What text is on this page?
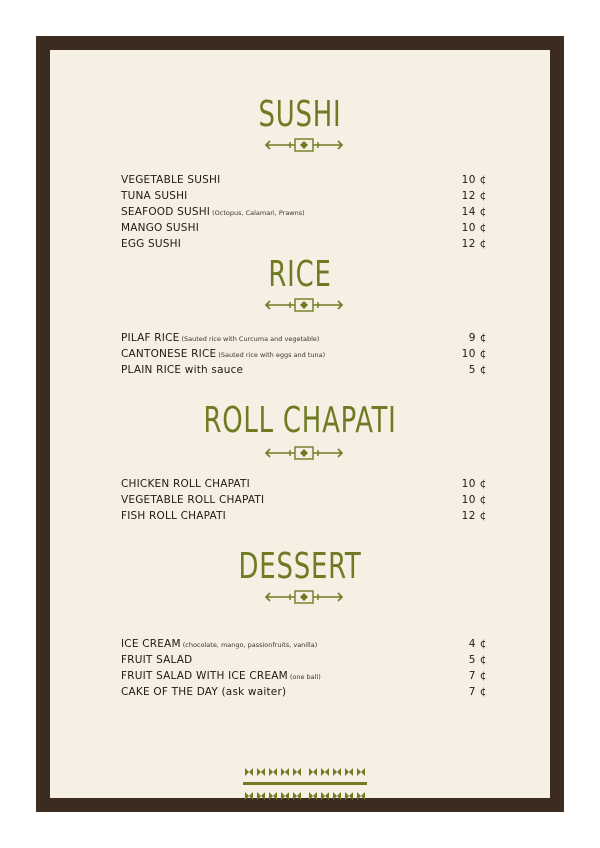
SUSHI
VEGETABLE SUSHI	10 ¢
TUNA SUSHI	12 ¢
SEAFOOD SUSHI (Octopus, Calamari, Prawns)	14 ¢
MANGO SUSHI	10 ¢
EGG SUSHI	12 ¢
RICE
PILAF RICE (Sauted rice with Curcuma and vegetable)	9 ¢
CANTONESE RICE (Sauted rice with eggs and tuna)	10 ¢
PLAIN RICE with sauce	5 ¢
ROLL CHAPATI
CHICKEN ROLL CHAPATI	10 ¢
VEGETABLE ROLL CHAPATI	10 ¢
FISH ROLL CHAPATI	12 ¢
DESSERT
ICE CREAM (chocolate, mango, passionfruits, vanilla)	4 ¢
FRUIT SALAD	5 ¢
FRUIT SALAD WITH ICE CREAM (one ball)	7 ¢
CAKE OF THE DAY (ask waiter)	7 ¢
